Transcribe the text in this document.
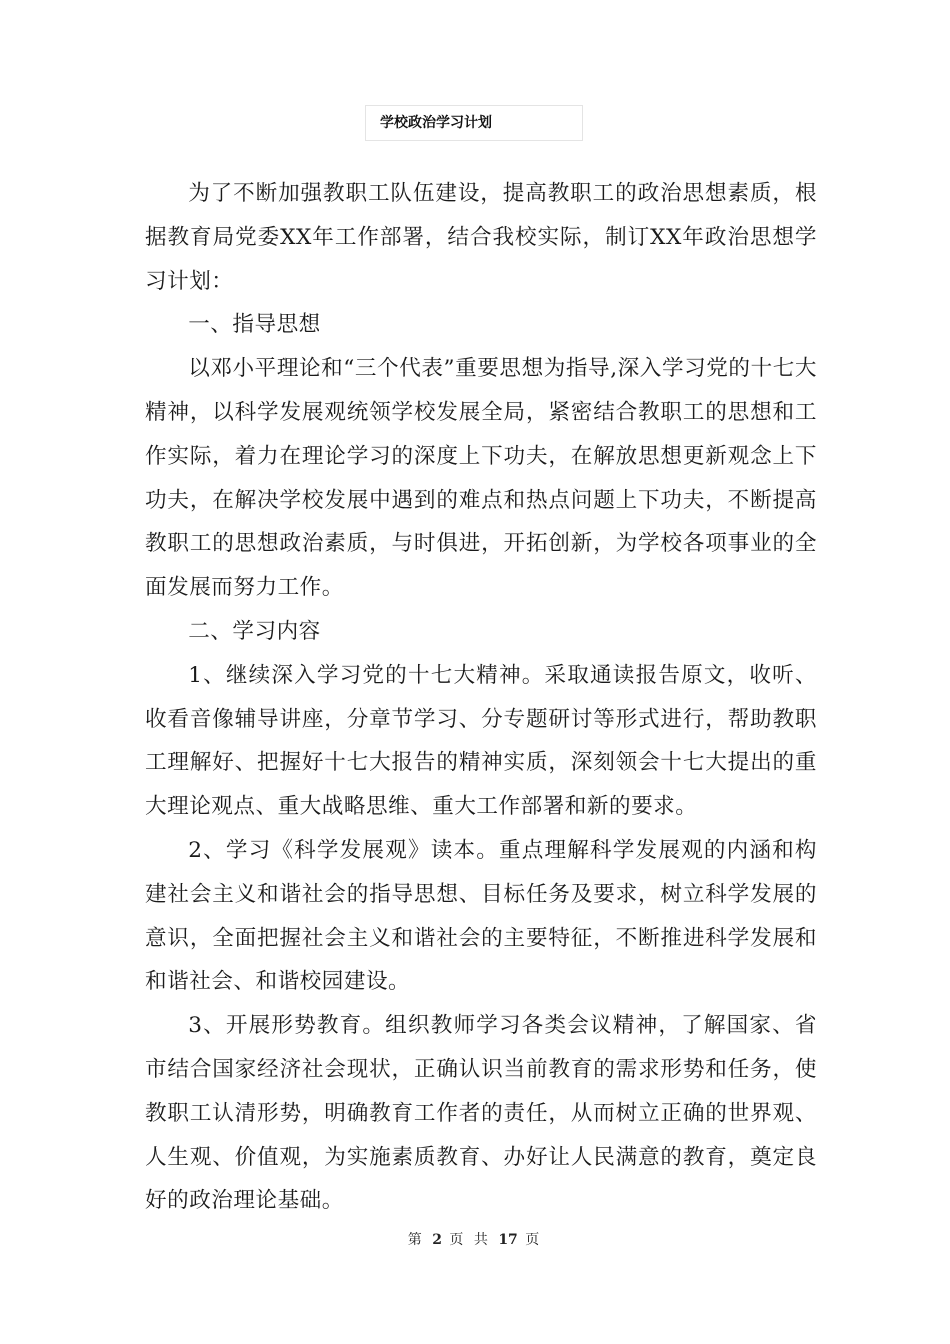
学校政治学习计划

为了不断加强教职工队伍建设，提高教职工的政治思想素质，根据教育局党委XX年工作部署，结合我校实际，制订XX年政治思想学习计划：

一、指导思想

以邓小平理论和“三个代表”重要思想为指导,深入学习党的十七大精神，以科学发展观统领学校发展全局，紧密结合教职工的思想和工作实际，着力在理论学习的深度上下功夫，在解放思想更新观念上下功夫，在解决学校发展中遇到的难点和热点问题上下功夫，不断提高教职工的思想政治素质，与时俱进，开拓创新，为学校各项事业的全面发展而努力工作。

二、学习内容

1、继续深入学习党的十七大精神。采取通读报告原文，收听、收看音像辅导讲座，分章节学习、分专题研讨等形式进行，帮助教职工理解好、把握好十七大报告的精神实质，深刻领会十七大提出的重大理论观点、重大战略思维、重大工作部署和新的要求。

2、学习《科学发展观》读本。重点理解科学发展观的内涵和构建社会主义和谐社会的指导思想、目标任务及要求，树立科学发展的意识，全面把握社会主义和谐社会的主要特征，不断推进科学发展和和谐社会、和谐校园建设。

3、开展形势教育。组织教师学习各类会议精神，了解国家、省市结合国家经济社会现状，正确认识当前教育的需求形势和任务，使教职工认清形势，明确教育工作者的责任，从而树立正确的世界观、人生观、价值观，为实施素质教育、办好让人民满意的教育，奠定良好的政治理论基础。

第 2 页 共 17 页
